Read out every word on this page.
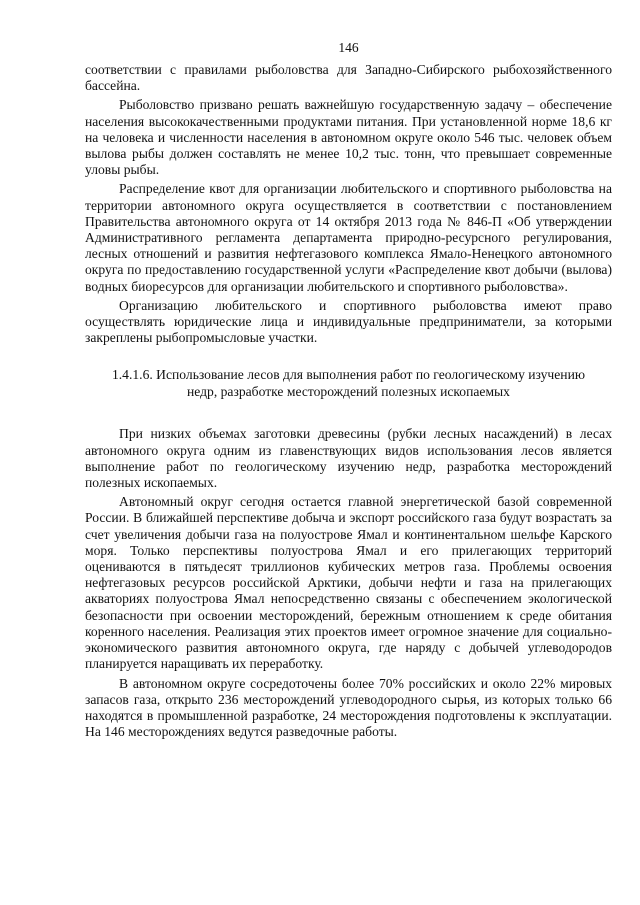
146

соответствии с правилами рыболовства для Западно-Сибирского рыбохозяйственного бассейна.

Рыболовство призвано решать важнейшую государственную задачу – обеспечение населения высококачественными продуктами питания. При установленной норме 18,6 кг на человека и численности населения в автономном округе около 546 тыс. человек объем вылова рыбы должен составлять не менее 10,2 тыс. тонн, что превышает современные уловы рыбы.

Распределение квот для организации любительского и спортивного рыболовства на территории автономного округа осуществляется в соответствии с постановлением Правительства автономного округа от 14 октября 2013 года № 846-П «Об утверждении Административного регламента департамента природно-ресурсного регулирования, лесных отношений и развития нефтегазового комплекса Ямало-Ненецкого автономного округа по предоставлению государственной услуги «Распределение квот добычи (вылова) водных биоресурсов для организации любительского и спортивного рыболовства».

Организацию любительского и спортивного рыболовства имеют право осуществлять юридические лица и индивидуальные предприниматели, за которыми закреплены рыбопромысловые участки.

1.4.1.6. Использование лесов для выполнения работ по геологическому изучению недр, разработке месторождений полезных ископаемых

При низких объемах заготовки древесины (рубки лесных насаждений) в лесах автономного округа одним из главенствующих видов использования лесов является выполнение работ по геологическому изучению недр, разработка месторождений полезных ископаемых.

Автономный округ сегодня остается главной энергетической базой современной России. В ближайшей перспективе добыча и экспорт российского газа будут возрастать за счет увеличения добычи газа на полуострове Ямал и континентальном шельфе Карского моря. Только перспективы полуострова Ямал и его прилегающих территорий оцениваются в пятьдесят триллионов кубических метров газа. Проблемы освоения нефтегазовых ресурсов российской Арктики, добычи нефти и газа на прилегающих акваториях полуострова Ямал непосредственно связаны с обеспечением экологической безопасности при освоении месторождений, бережным отношением к среде обитания коренного населения. Реализация этих проектов имеет огромное значение для социально-экономического развития автономного округа, где наряду с добычей углеводородов планируется наращивать их переработку.

В автономном округе сосредоточены более 70% российских и около 22% мировых запасов газа, открыто 236 месторождений углеводородного сырья, из которых только 66 находятся в промышленной разработке, 24 месторождения подготовлены к эксплуатации. На 146 месторождениях ведутся разведочные работы.
